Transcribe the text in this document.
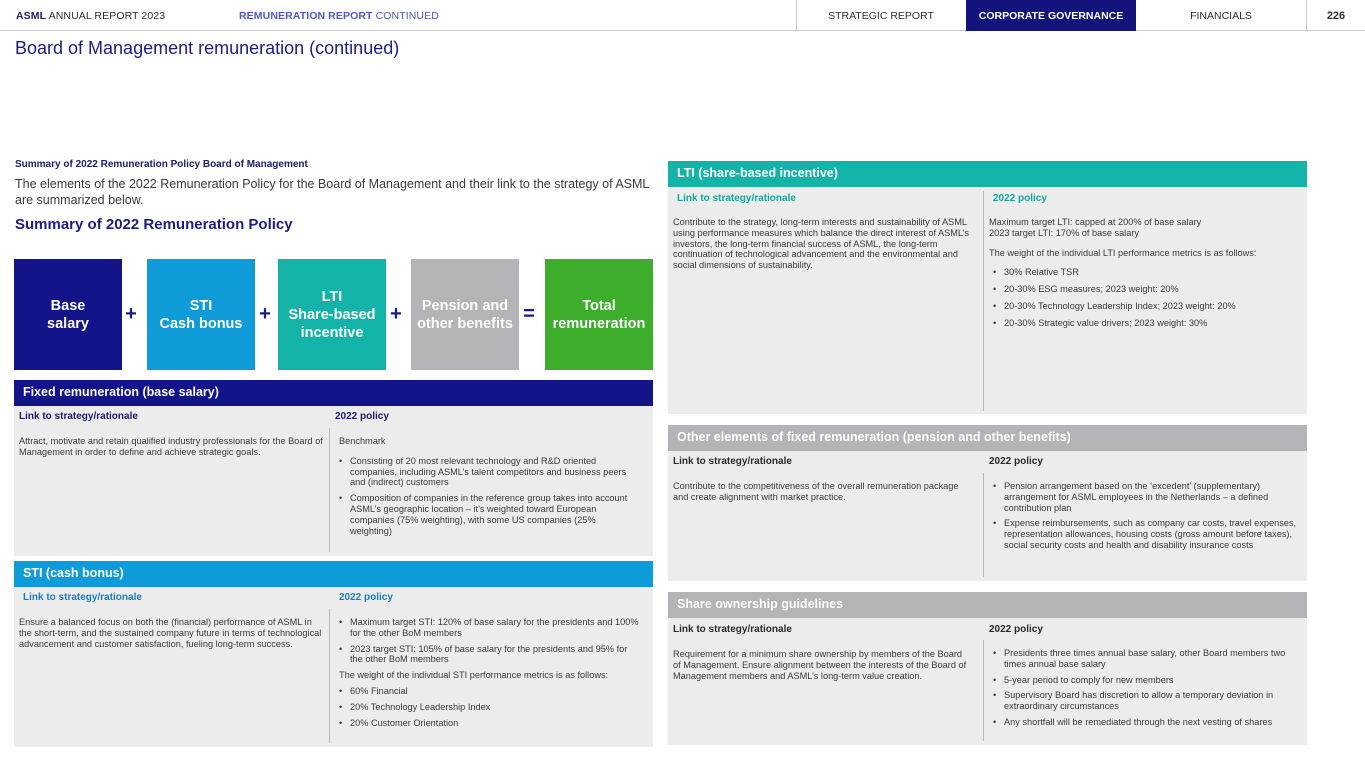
ASML ANNUAL REPORT 2023	REMUNERATION REPORT CONTINUED	STRATEGIC REPORT	CORPORATE GOVERNANCE	FINANCIALS	226
Board of Management remuneration (continued)
Summary of 2022 Remuneration Policy Board of Management
The elements of the 2022 Remuneration Policy for the Board of Management and their link to the strategy of ASML are summarized below.
Summary of 2022 Remuneration Policy
Base
salary	+	STI
Cash bonus +
LTI
Share-based
incentive
+	Pension and
other benefits =	Total
remuneration
Fixed remuneration (base salary)
Link to strategy/rationale
Attract, motivate and retain qualified industry professionals for the Board of Management in order to define and achieve strategic goals.
2022 policy
Benchmark
• Consisting of 20 most relevant technology and R&D oriented companies, including ASML’s talent competitors and business peers and (indirect) customers
• Composition of companies in the reference group takes into account ASML’s geographic location – it’s weighted toward European companies (75% weighting), with some US companies (25% weighting)
STI (cash bonus)
Link to strategy/rationale
Ensure a balanced focus on both the (financial) performance of ASML in the short-term, and the sustained company future in terms of technological advancement and customer satisfaction, fueling long-term success.
2022 policy
• Maximum target STI: 120% of base salary for the presidents and 100% for the other BoM members
• 2023 target STI: 105% of base salary for the presidents and 95% for the other BoM members
The weight of the individual STI performance metrics is as follows:
• 60% Financial
• 20% Technology Leadership Index
• 20% Customer Orientation
LTI (share-based incentive)
Link to strategy/rationale
Contribute to the strategy, long-term interests and sustainability of ASML using performance measures which balance the direct interest of ASML’s investors, the long-term financial success of ASML, the long-term continuation of technological advancement and the environmental and social dimensions of sustainability.
2022 policy
Maximum target LTI: capped at 200% of base salary
2023 target LTI: 170% of base salary
The weight of the individual LTI performance metrics is as follows:
• 30% Relative TSR
• 20-30% ESG measures; 2023 weight: 20%
• 20-30% Technology Leadership Index; 2023 weight: 20%
• 20-30% Strategic value drivers; 2023 weight: 30%
Other elements of fixed remuneration (pension and other benefits)
Link to strategy/rationale
Contribute to the competitiveness of the overall remuneration package and create alignment with market practice.
2022 policy
• Pension arrangement based on the ‘excedent’ (supplementary) arrangement for ASML employees in the Netherlands – a defined contribution plan
• Expense reimbursements, such as company car costs, travel expenses, representation allowances, housing costs (gross amount before taxes), social security costs and health and disability insurance costs
Share ownership guidelines
Link to strategy/rationale
Requirement for a minimum share ownership by members of the Board of Management. Ensure alignment between the interests of the Board of Management members and ASML’s long-term value creation.
2022 policy
• Presidents three times annual base salary, other Board members two times annual base salary
• 5-year period to comply for new members
• Supervisory Board has discretion to allow a temporary deviation in extraordinary circumstances
• Any shortfall will be remediated through the next vesting of shares
